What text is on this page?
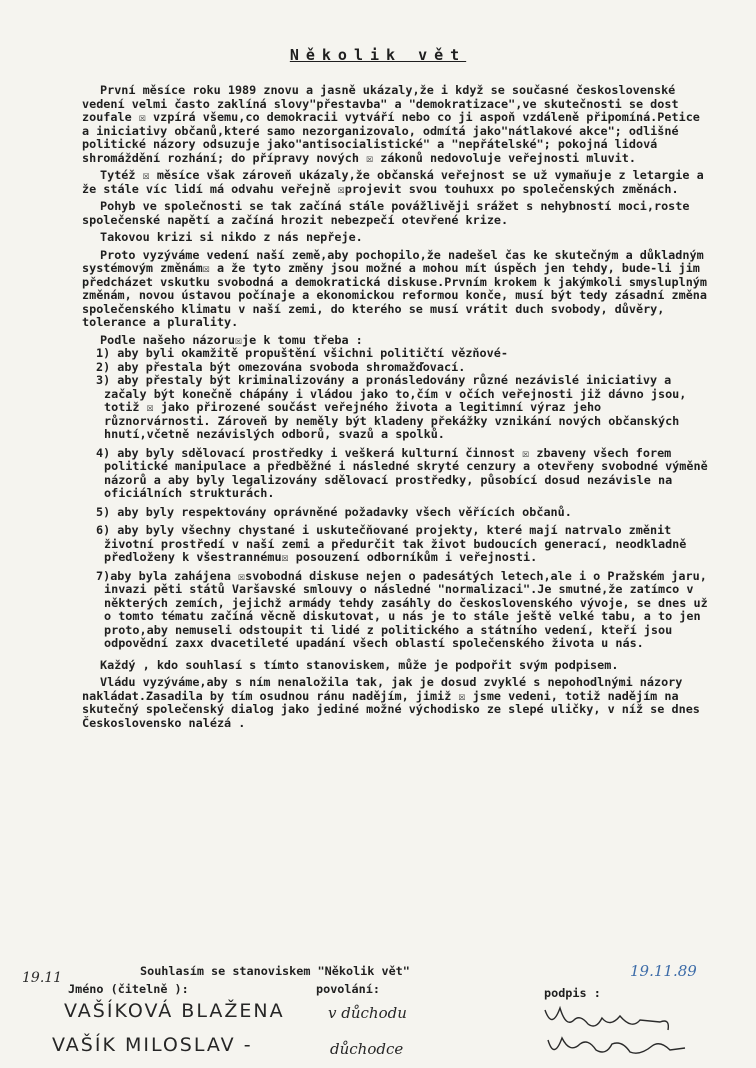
Několik vět

První měsíce roku 1989 znovu a jasně ukázaly,že i když se současné československé vedení velmi často zaklíná slovy"přestavba" a "demokratizace",ve skutečnosti se dost zoufale ☒ vzpírá všemu,co demokracii vytváří nebo co ji aspoň vzdáleně připomíná.Petice a iniciativy občanů,které samo nezorganizovalo, odmítá jako"nátlakové akce"; odlišné politické názory odsuzuje jako"antisocialistické" a "nepřátelské"; pokojná lidová shromáždění rozhání; do přípravy nových ☒ zákonů nedovoluje veřejnosti mluvit.

Tytéž ☒ měsíce však zároveň ukázaly,že občanská veřejnost se už vymaňuje z letargie a že stále víc lidí má odvahu veřejně ☒projevit svou touhuxx po společenských změnách.

Pohyb ve společnosti se tak začíná stále povážlivěji srážet s nehybností moci,roste společenské napětí a začíná hrozit nebezpečí otevřené krize.

Takovou krizi si nikdo z nás nepřeje.

Proto vyzýváme vedení naší země,aby pochopilo,že nadešel čas ke skutečným a důkladným systémovým změnám☒ a že tyto změny jsou možné a mohou mít úspěch jen tehdy, bude-li jim předcházet vskutku svobodná a demokratická diskuse.Prvním krokem k jakýmkoli smysluplným změnám, novou ústavou počínaje a ekonomickou reformou konče, musí být tedy zásadní změna společenského klimatu v naší zemi, do kterého se musí vrátit duch svobody, důvěry, tolerance a plurality.

Podle našeho názoru☒je k tomu třeba :

1) aby byli okamžitě propuštění všichni političtí vězňové-

2) aby přestala být omezována svoboda shromažďovací.

3) aby přestaly být kriminalizovány a pronásledovány různé nezávislé iniciativy a začaly být konečně chápány i vládou jako to,čím v očích veřejnosti již dávno jsou, totiž ☒ jako přirozené součást veřejného života a legitimní výraz jeho různorvárnosti. Zároveň by neměly být kladeny překážky vznikání nových občanských hnutí,včetně nezávislých odborů, svazů a spolků.

4) aby byly sdělovací prostředky i veškerá kulturní činnost ☒ zbaveny všech forem politické manipulace a předběžné i následné skryté cenzury a otevřeny svobodné výměně názorů a aby byly legalizovány sdělovací prostředky, působící dosud nezávisle na oficiálních strukturách.

5) aby byly respektovány oprávněné požadavky všech věřících občanů.

6) aby byly všechny chystané i uskutečňované projekty, které mají natrvalo změnit životní prostředí v naší zemi a předurčit tak život budoucích generací, neodkladně předloženy k všestrannému☒ posouzení odborníkům i veřejnosti.

7)aby byla zahájena ☒svobodná diskuse nejen o padesátých letech,ale i o Pražském jaru, invazi pěti států Varšavské smlouvy o následné "normalizaci".Je smutné,že zatímco v některých zemích, jejichž armády tehdy zasáhly do československého vývoje, se dnes už o tomto tématu začíná věcně diskutovat, u nás je to stále ještě velké tabu, a to jen proto,aby nemuseli odstoupit ti lidé z politického a státního vedení, kteří jsou odpovědní zaxx dvacetileté upadání všech oblastí společenského života u nás.

Každý , kdo souhlasí s tímto stanoviskem, může je podpořit svým podpisem.

Vládu vyzýváme,aby s ním nenaložila tak, jak je dosud zvyklé s nepohodlnými názory nakládat.Zasadila by tím osudnou ránu nadějím, jimiž ☒ jsme vedeni, totiž nadějím na skutečný společenský dialog jako jediné možné východisko ze slepé uličky, v níž se dnes Československo nalézá .

Souhlasím se stanoviskem "Několik vět"
19.11	19.11.89
Jméno (čitelně ):	povolání:	podpis :
VAŠÍKOVÁ BLAŽENA	v důchodu
VAŠÍK MILOSLAV -	důchodce
